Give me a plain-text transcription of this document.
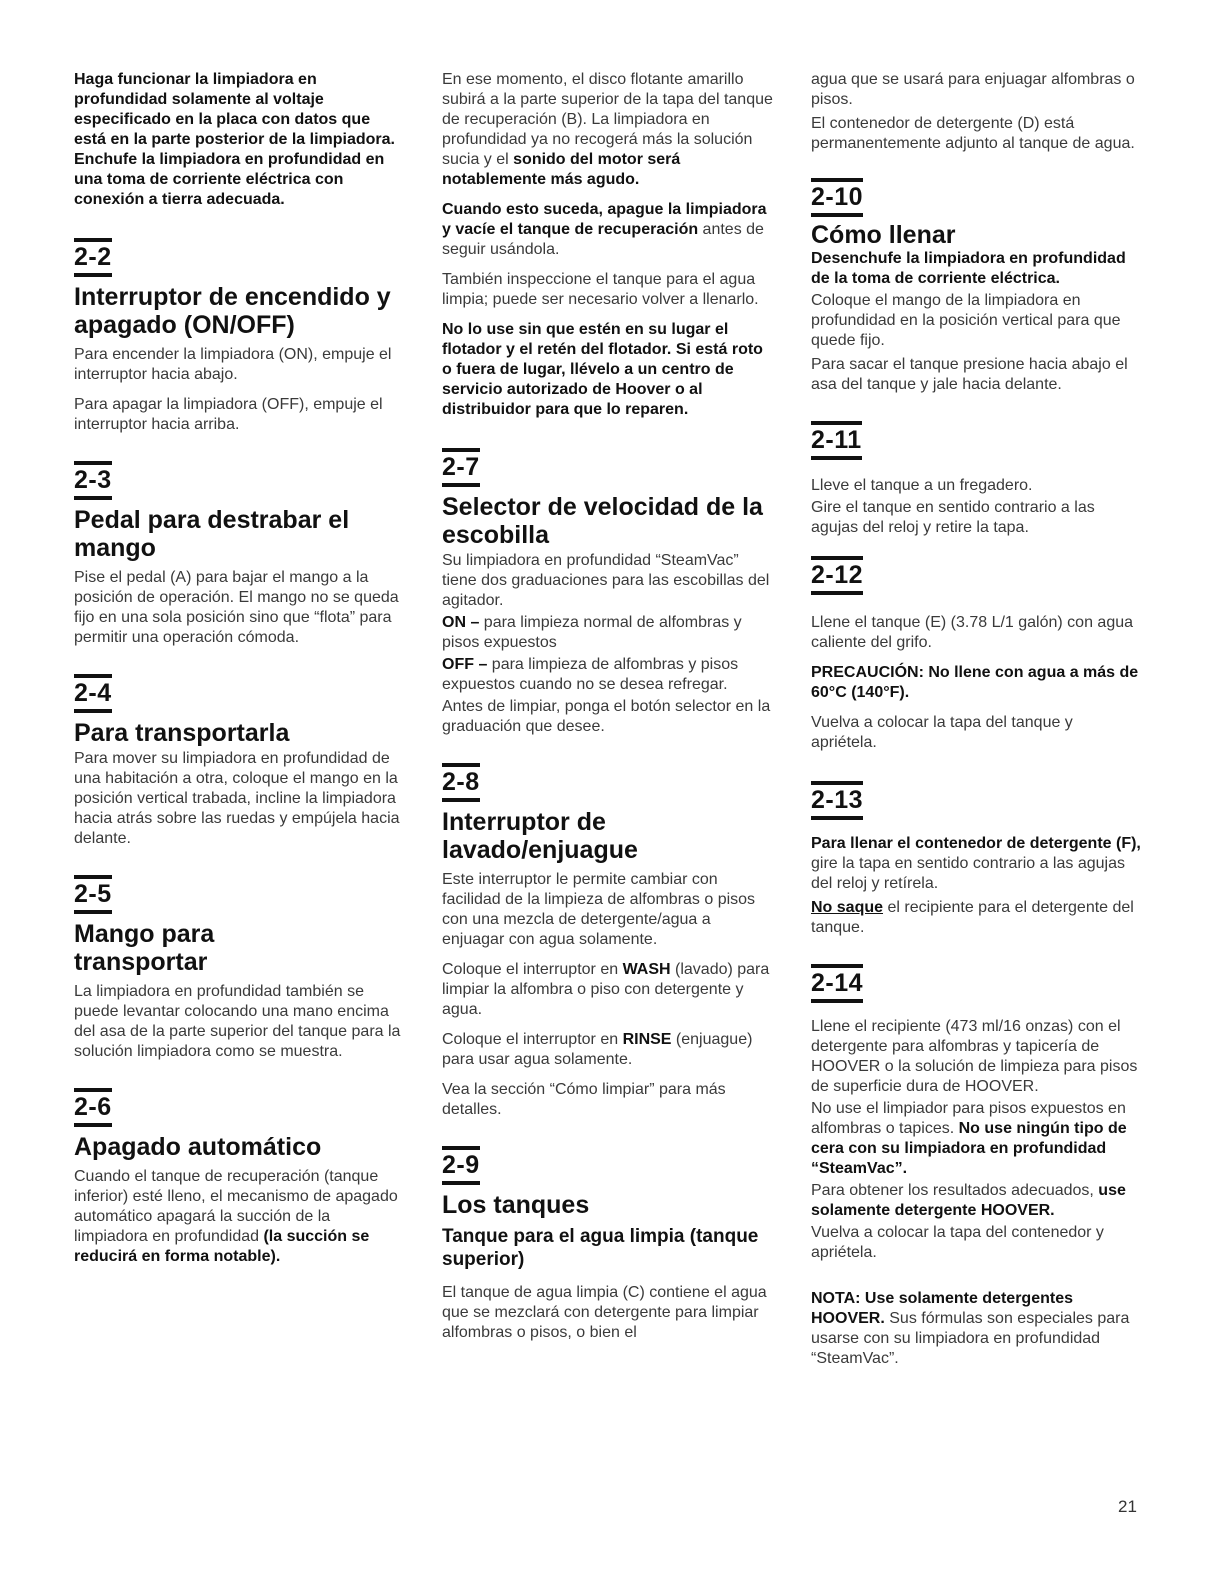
Haga funcionar la limpiadora en profundidad solamente al voltaje especificado en la placa con datos que está en la parte posterior de la limpiadora. Enchufe la limpiadora en profundidad en una toma de corriente eléctrica con conexión a tierra adecuada.

2-2
Interruptor de encendido y apagado (ON/OFF)

Para encender la limpiadora (ON), empuje el interruptor hacia abajo.

Para apagar la limpiadora (OFF), empuje el interruptor hacia arriba.

2-3
Pedal para destrabar el mango

Pise el pedal (A) para bajar el mango a la posición de operación. El mango no se queda fijo en una sola posición sino que “flota” para permitir una operación cómoda.

2-4
Para transportarla

Para mover su limpiadora en profundidad de una habitación a otra, coloque el mango en la posición vertical trabada, incline la limpiadora hacia atrás sobre las ruedas y empújela hacia delante.

2-5
Mango para transportar

La limpiadora en profundidad también se puede levantar colocando una mano encima del asa de la parte superior del tanque para la solución limpiadora como se muestra.

2-6
Apagado automático

Cuando el tanque de recuperación (tanque inferior) esté lleno, el mecanismo de apagado automático apagará la succión de la limpiadora en profundidad (la succión se reducirá en forma notable).

En ese momento, el disco flotante amarillo subirá a la parte superior de la tapa del tanque de recuperación (B). La limpiadora en profundidad ya no recogerá más la solución sucia y el sonido del motor será notablemente más agudo.

Cuando esto suceda, apague la limpiadora y vacíe el tanque de recuperación antes de seguir usándola.

También inspeccione el tanque para el agua limpia; puede ser necesario volver a llenarlo.

No lo use sin que estén en su lugar el flotador y el retén del flotador. Si está roto o fuera de lugar, llévelo a un centro de servicio autorizado de Hoover o al distribuidor para que lo reparen.

2-7
Selector de velocidad de la escobilla

Su limpiadora en profundidad “SteamVac” tiene dos graduaciones para las escobillas del agitador.

ON – para limpieza normal de alfombras y pisos expuestos

OFF – para limpieza de alfombras y pisos expuestos cuando no se desea refregar.

Antes de limpiar, ponga el botón selector en la graduación que desee.

2-8
Interruptor de lavado/enjuague

Este interruptor le permite cambiar con facilidad de la limpieza de alfombras o pisos con una mezcla de detergente/agua a enjuagar con agua solamente.

Coloque el interruptor en WASH (lavado) para limpiar la alfombra o piso con detergente y agua.

Coloque el interruptor en RINSE (enjuague) para usar agua solamente.

Vea la sección “Cómo limpiar” para más detalles.

2-9
Los tanques
Tanque para el agua limpia (tanque superior)

El tanque de agua limpia (C) contiene el agua que se mezclará con detergente para limpiar alfombras o pisos, o bien el

agua que se usará para enjuagar alfombras o pisos.

El contenedor de detergente (D) está permanentemente adjunto al tanque de agua.

2-10
Cómo llenar

Desenchufe la limpiadora en profundidad de la toma de corriente eléctrica.

Coloque el mango de la limpiadora en profundidad en la posición vertical para que quede fijo.

Para sacar el tanque presione hacia abajo el asa del tanque y jale hacia delante.

2-11

Lleve el tanque a un fregadero.

Gire el tanque en sentido contrario a las agujas del reloj y retire la tapa.

2-12

Llene el tanque (E) (3.78 L/1 galón) con agua caliente del grifo.

PRECAUCIÓN: No llene con agua a más de 60°C (140°F).

Vuelva a colocar la tapa del tanque y apriétela.

2-13

Para llenar el contenedor de detergente (F), gire la tapa en sentido contrario a las agujas del reloj y retírela.

No saque el recipiente para el detergente del tanque.

2-14

Llene el recipiente (473 ml/16 onzas) con el detergente para alfombras y tapicería de HOOVER o la solución de limpieza para pisos de superficie dura de HOOVER.

No use el limpiador para pisos expuestos en alfombras o tapices. No use ningún tipo de cera con su limpiadora en profundidad “SteamVac”.

Para obtener los resultados adecuados, use solamente detergente HOOVER.

Vuelva a colocar la tapa del contenedor y apriétela.

NOTA: Use solamente detergentes HOOVER. Sus fórmulas son especiales para usarse con su limpiadora en profundidad “SteamVac”.

21
